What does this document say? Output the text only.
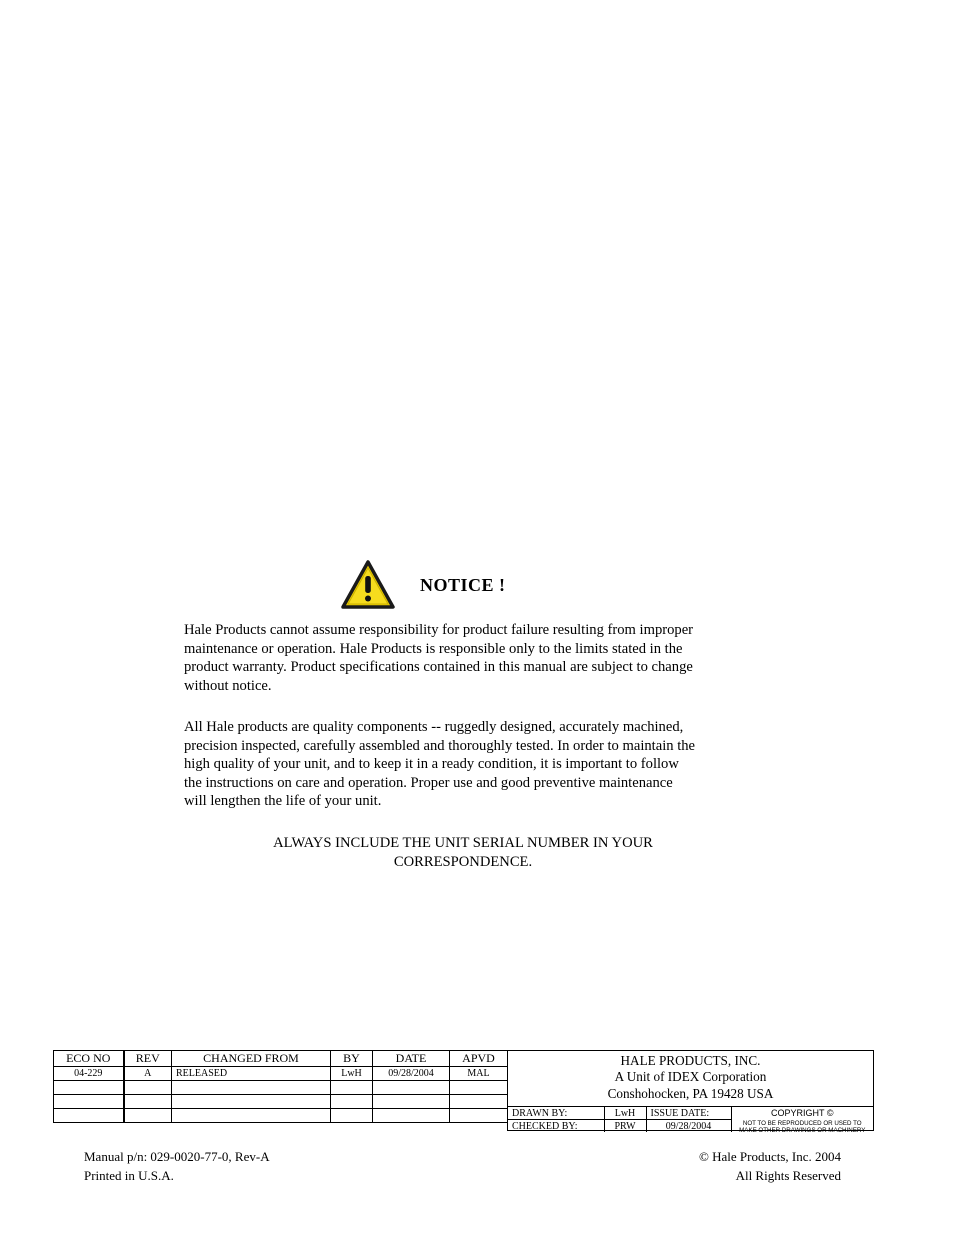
NOTICE !
Hale Products cannot assume responsibility for product failure resulting from improper
maintenance or operation. Hale Products is responsible only to the limits stated in the
product warranty. Product specifications contained in this manual are subject to change
without notice.
All Hale products are quality components -- ruggedly designed, accurately machined,
precision inspected, carefully assembled and thoroughly tested. In order to maintain the
high quality of your unit, and to keep it in a ready condition, it is important to follow
the instructions on care and operation. Proper use and good preventive maintenance
will lengthen the life of your unit.
ALWAYS INCLUDE THE UNIT SERIAL NUMBER IN YOUR
CORRESPONDENCE.
ECO NO	REV	CHANGED FROM	BY	DATE	APVD
04-229	A	RELEASED	LwH	09/28/2004	MAL

HALE PRODUCTS, INC.
A Unit of IDEX Corporation
Conshohocken, PA 19428 USA
DRAWN BY:	LwH	ISSUE DATE:	COPYRIGHT ©
NOT TO BE REPRODUCED OR USED TO
MAKE OTHER DRAWINGS OR MACHINERY

CHECKED BY:	PRW	09/28/2004	
Manual p/n: 029-0020-77-0, Rev-A
Printed in U.S.A.
© Hale Products, Inc. 2004
All Rights Reserved
